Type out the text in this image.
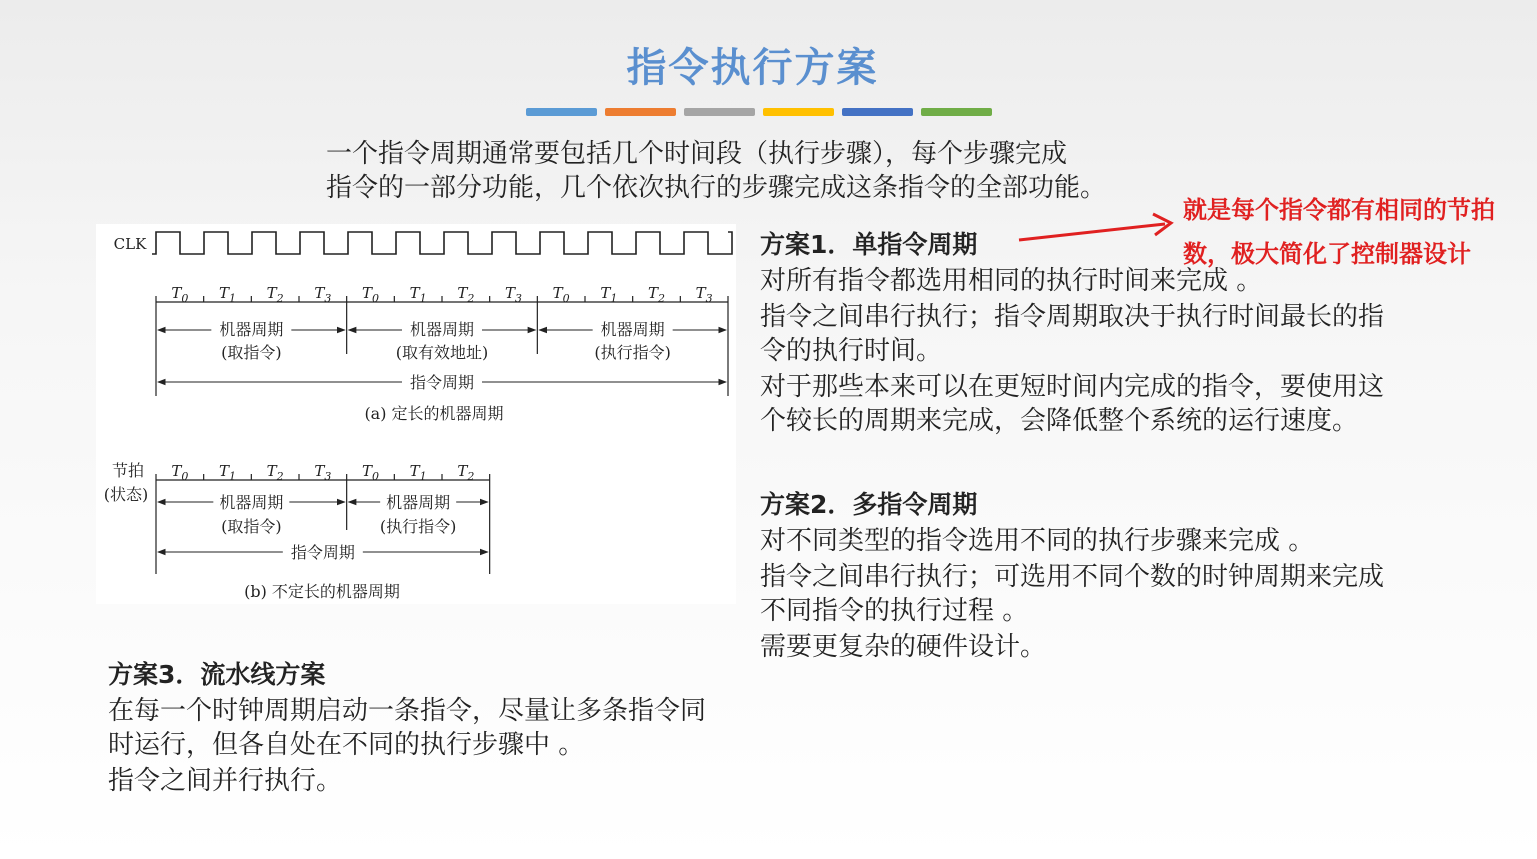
指令执行方案
一个指令周期通常要包括几个时间段（执行步骤），每个步骤完成
指令的一部分功能，几个依次执行的步骤完成这条指令的全部功能。
CLK
$T_0$ $T_1$ $T_2$ $T_3$ $T_0$ $T_1$ $T_2$ $T_3$ $T_0$ $T_1$ $T_2$ $T_3$
机器周期
(取指令)
机器周期
(取有效地址)
机器周期
(执行指令)
指令周期
(a) 定长的机器周期
节拍
(状态)
$T_0$ $T_1$ $T_2$ $T_3$ $T_0$ $T_1$ $T_2$
机器周期
(取指令)
机器周期
(执行指令)
指令周期
(b) 不定长的机器周期
方案1．单指令周期

对所有指令都选用相同的执行时间来完成 。

指令之间串行执行；指令周期取决于执行时间最长的指令的执行时间。

对于那些本来可以在更短时间内完成的指令，要使用这个较长的周期来完成，会降低整个系统的运行速度。

方案2．多指令周期

对不同类型的指令选用不同的执行步骤来完成 。

指令之间串行执行；可选用不同个数的时钟周期来完成不同指令的执行过程 。

需要更复杂的硬件设计。

方案3．流水线方案

在每一个时钟周期启动一条指令，尽量让多条指令同时运行，但各自处在不同的执行步骤中 。

指令之间并行执行。

就是每个指令都有相同的节拍数，极大简化了控制器设计
